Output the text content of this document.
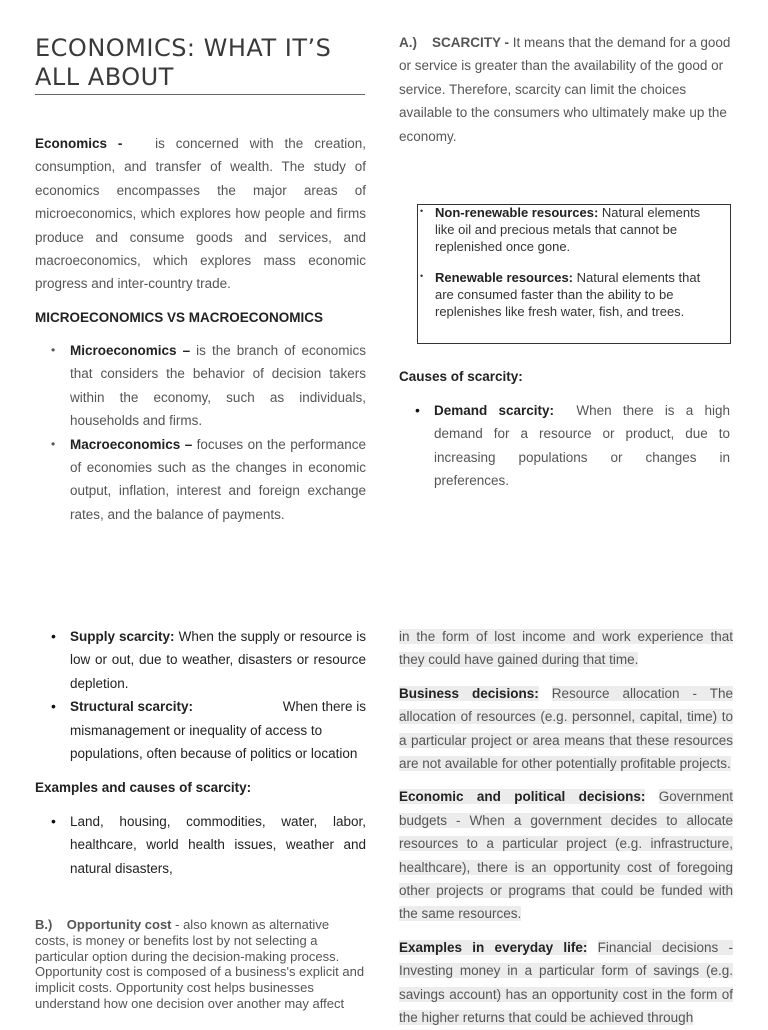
ECONOMICS: WHAT IT’S ALL ABOUT
Economics - is concerned with the creation, consumption, and transfer of wealth. The study of economics encompasses the major areas of microeconomics, which explores how people and firms produce and consume goods and services, and macroeconomics, which explores mass economic progress and inter-country trade.
MICROECONOMICS VS MACROECONOMICS
• Microeconomics – is the branch of economics that considers the behavior of decision takers within the economy, such as individuals, households and firms.
• Macroeconomics – focuses on the performance of economies such as the changes in economic output, inflation, interest and foreign exchange rates, and the balance of payments.
A.) SCARCITY - It means that the demand for a good or service is greater than the availability of the good or service. Therefore, scarcity can limit the choices
available to the consumers who ultimately make up the economy.
• Non-renewable resources: Natural elements like oil and precious metals that cannot be replenished once gone.
• Renewable resources: Natural elements that are consumed faster than the ability to be replenishes like fresh water, fish, and trees.
Causes of scarcity:
• Demand scarcity: When there is a high demand for a resource or product, due to increasing populations or changes in preferences.
• Supply scarcity: When the supply or resource is low or out, due to weather, disasters or resource depletion.
• Structural scarcity:	When there is
mismanagement or inequality of access to
populations, often because of politics or location
Examples and causes of scarcity:
• Land, housing, commodities, water, labor, healthcare, world health issues, weather and natural disasters,
B.) Opportunity cost - also known as alternative costs, is money or benefits lost by not selecting a particular option during the decision-making process. Opportunity cost is composed of a business's explicit and implicit costs. Opportunity cost helps businesses understand how one decision over another may affect
in the form of lost income and work experience that they could have gained during that time.
Business decisions: Resource allocation - The allocation of resources (e.g. personnel, capital, time) to a particular project or area means that these resources are not available for other potentially profitable projects.
Economic and political decisions: Government budgets - When a government decides to allocate resources to a particular project (e.g. infrastructure, healthcare), there is an opportunity cost of foregoing other projects or programs that could be funded with the same resources.
Examples in everyday life: Financial decisions - Investing money in a particular form of savings (e.g. savings account) has an opportunity cost in the form of the higher returns that could be achieved through
